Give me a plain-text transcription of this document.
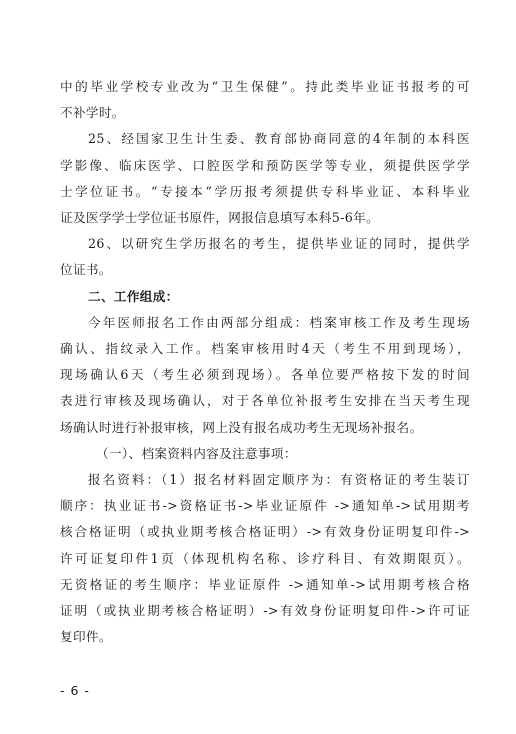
中的毕业学校专业改为“卫生保健”。持此类毕业证书报考的可
不补学时。
25、经国家卫生计生委、教育部协商同意的4年制的本科医
学影像、临床医学、口腔医学和预防医学等专业，须提供医学学
士学位证书。“专接本”学历报考须提供专科毕业证、本科毕业
证及医学学士学位证书原件，网报信息填写本科5-6年。
26、以研究生学历报名的考生，提供毕业证的同时，提供学
位证书。
二、工作组成：
今年医师报名工作由两部分组成：档案审核工作及考生现场
确认、指纹录入工作。档案审核用时4天（考生不用到现场），
现场确认6天（考生必须到现场）。各单位要严格按下发的时间
表进行审核及现场确认，对于各单位补报考生安排在当天考生现
场确认时进行补报审核，网上没有报名成功考生无现场补报名。
（一）、档案资料内容及注意事项：
报名资料：（1）报名材料固定顺序为：有资格证的考生装订
顺序：执业证书->资格证书->毕业证原件 ->通知单->试用期考
核合格证明（或执业期考核合格证明）->有效身份证明复印件->
许可证复印件1页（体现机构名称、诊疗科目、有效期限页）。
无资格证的考生顺序：毕业证原件 ->通知单->试用期考核合格
证明（或执业期考核合格证明）->有效身份证明复印件->许可证
复印件。
- 6 -
